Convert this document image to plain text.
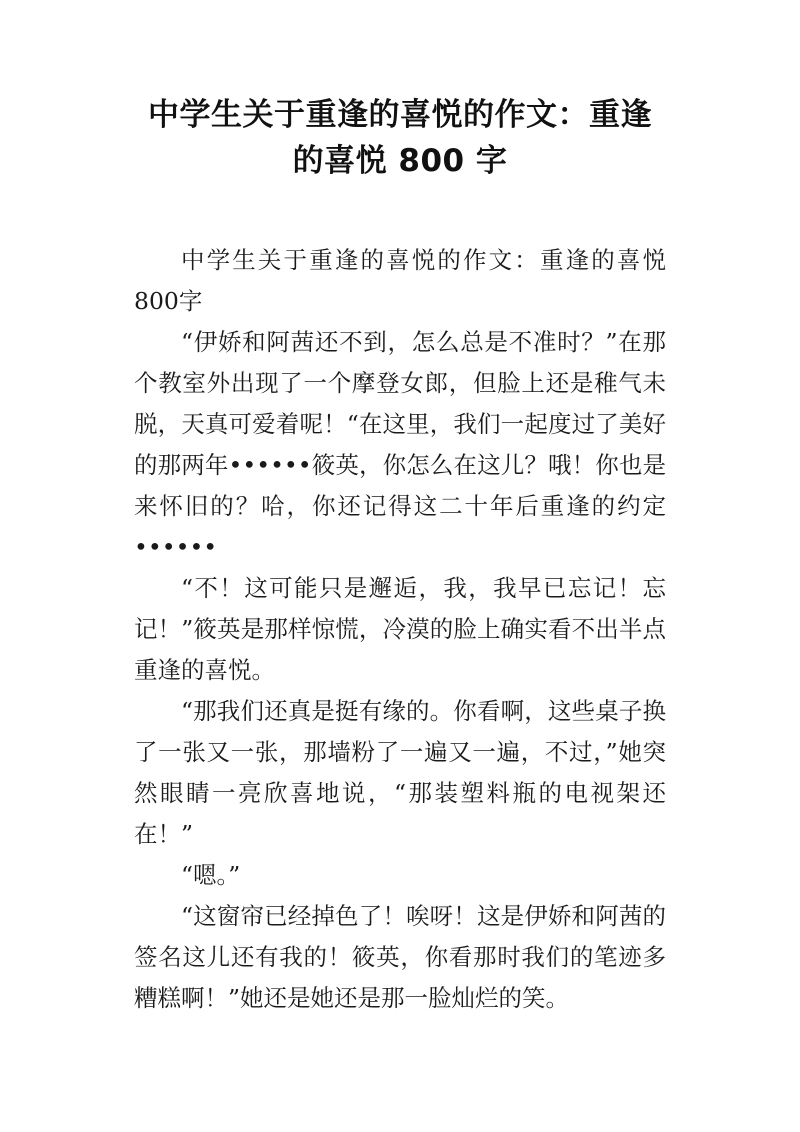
中学生关于重逢的喜悦的作文：重逢
的喜悦 800 字

中学生关于重逢的喜悦的作文：重逢的喜悦800字

“伊娇和阿茜还不到，怎么总是不准时？”在那个教室外出现了一个摩登女郎，但脸上还是稚气未脱，天真可爱着呢！“在这里，我们一起度过了美好的那两年••••••筱英，你怎么在这儿？哦！你也是来怀旧的？哈，你还记得这二十年后重逢的约定••••••

“不！这可能只是邂逅，我，我早已忘记！忘记！”筱英是那样惊慌，冷漠的脸上确实看不出半点重逢的喜悦。

“那我们还真是挺有缘的。你看啊，这些桌子换了一张又一张，那墙粉了一遍又一遍，不过，”她突然眼睛一亮欣喜地说，“那装塑料瓶的电视架还在！”

“嗯。”

“这窗帘已经掉色了！唉呀！这是伊娇和阿茜的签名这儿还有我的！筱英，你看那时我们的笔迹多糟糕啊！”她还是她还是那一脸灿烂的笑。
